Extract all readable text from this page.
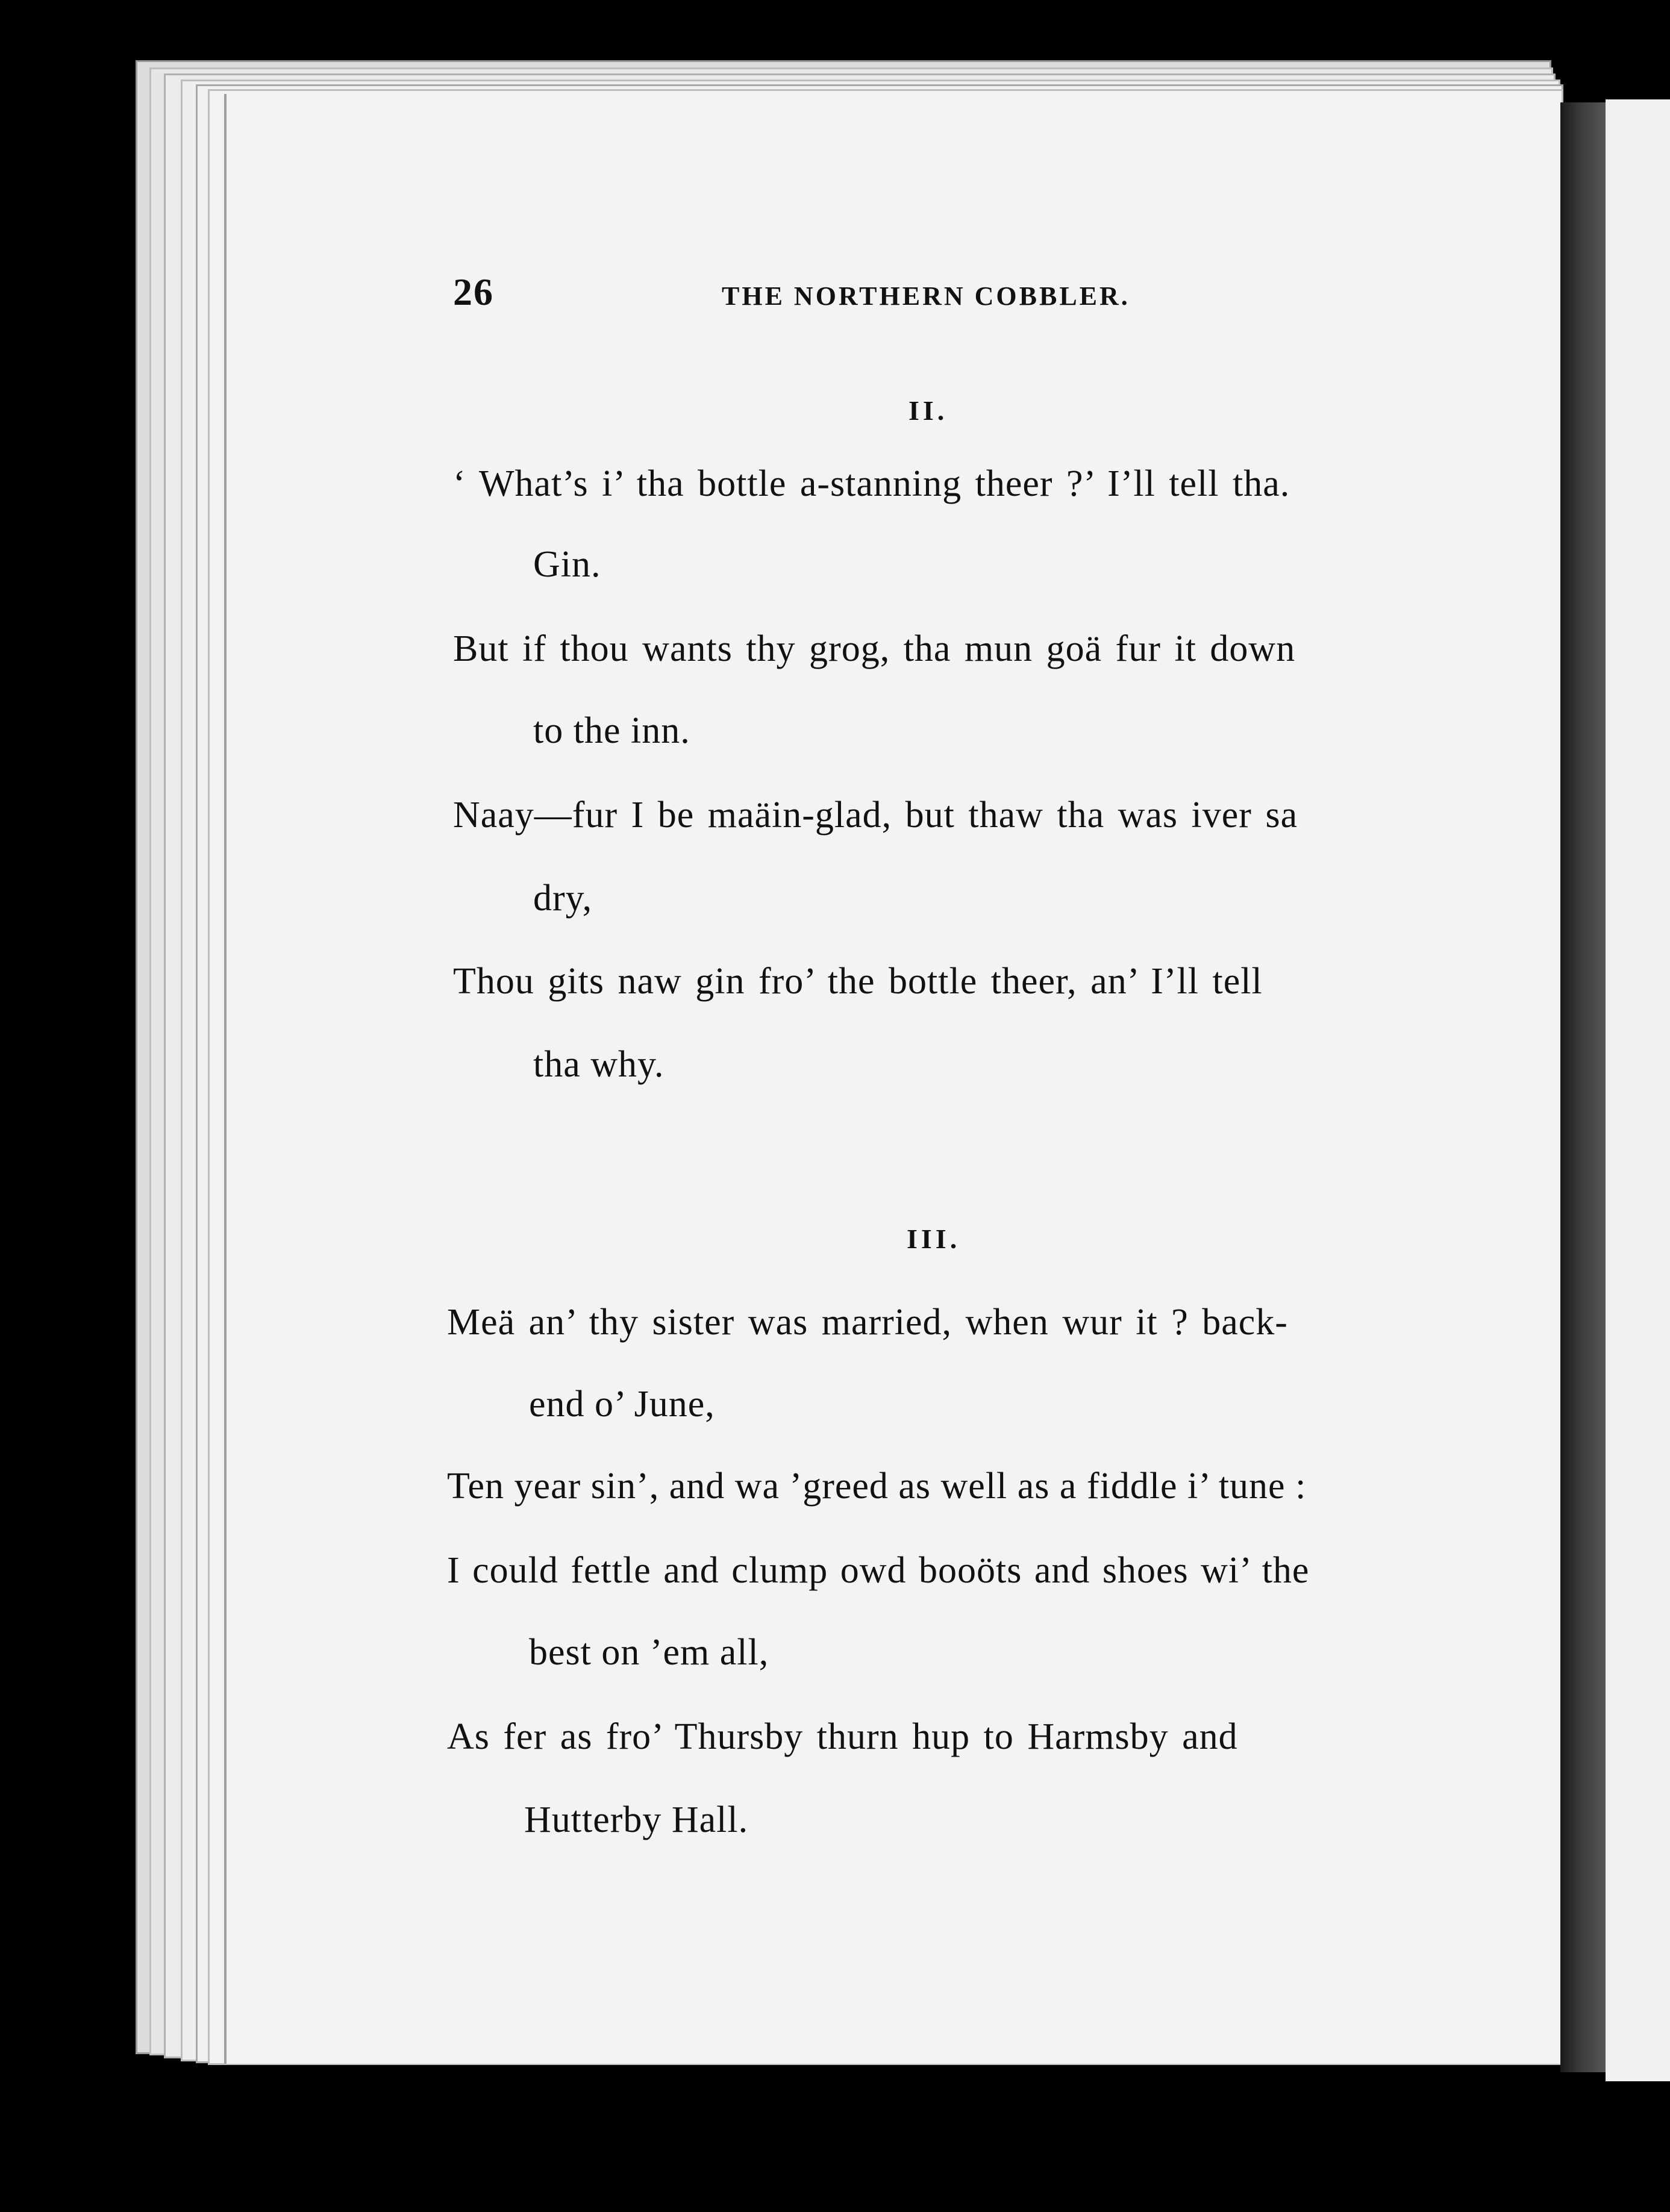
26	THE NORTHERN COBBLER.
II.
‘ What’s i’ tha bottle a-stanning theer ?’ I’ll tell tha.
Gin.
But if thou wants thy grog, tha mun goä fur it down
to the inn.
Naay—fur I be maäin-glad, but thaw tha was iver sa
dry,
Thou gits naw gin fro’ the bottle theer, an’ I’ll tell
tha why.
III.
Meä an’ thy sister was married, when wur it ? back-
end o’ June,
Ten year sin’, and wa ’greed as well as a fiddle i’ tune :
I could fettle and clump owd booöts and shoes wi’ the
best on ’em all,
As fer as fro’ Thursby thurn hup to Harmsby and
Hutterby Hall.
